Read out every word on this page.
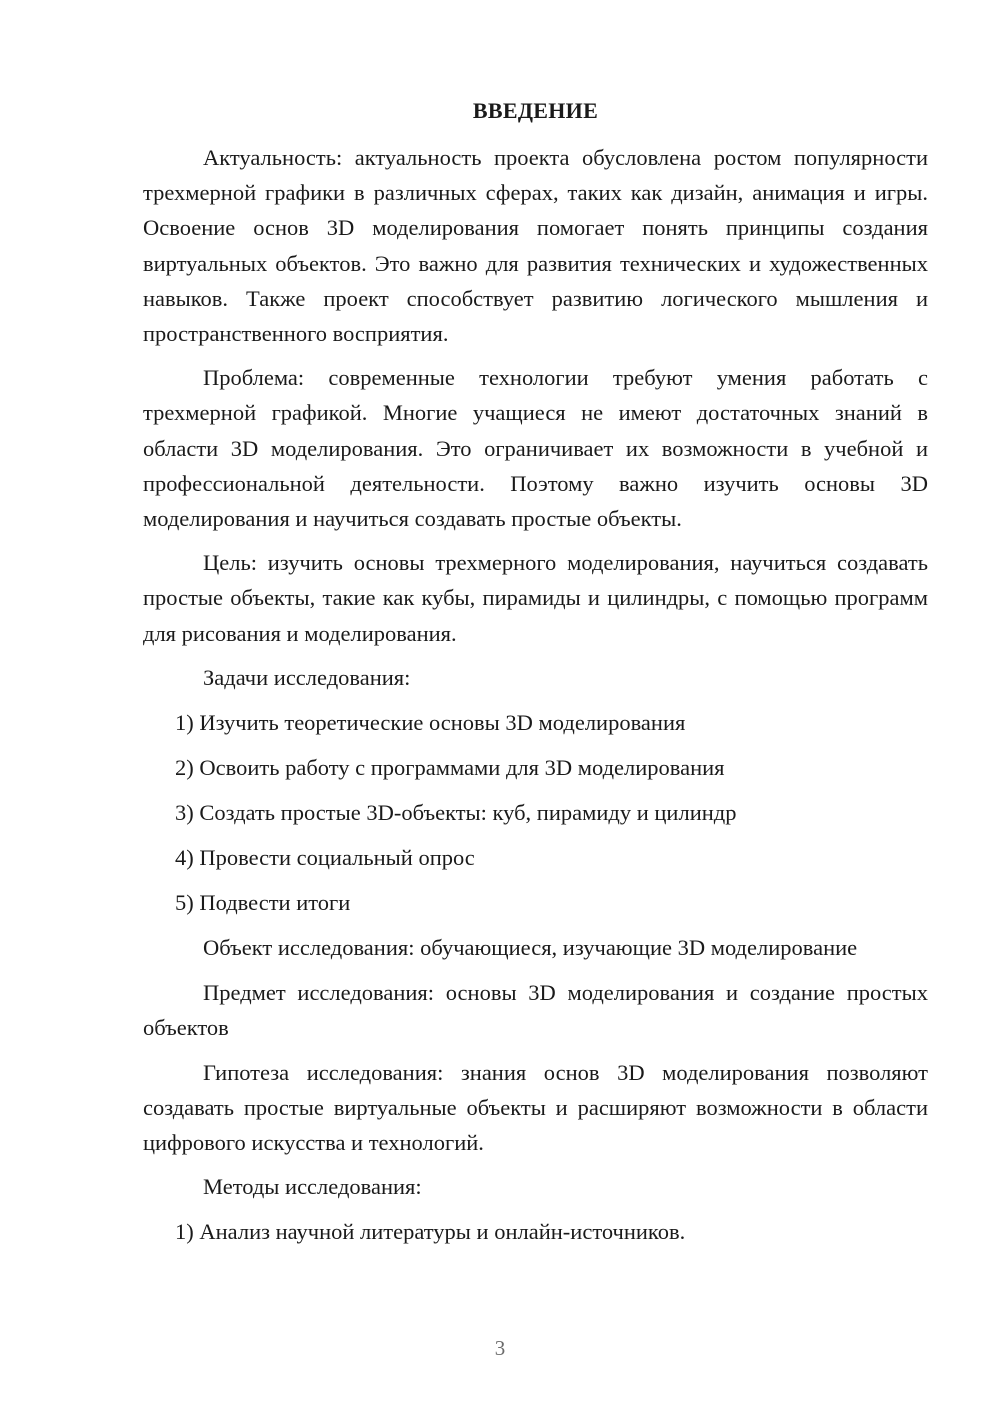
ВВЕДЕНИЕ

Актуальность: актуальность проекта обусловлена ростом популярности трехмерной графики в различных сферах, таких как дизайн, анимация и игры. Освоение основ 3D моделирования помогает понять принципы создания виртуальных объектов. Это важно для развития технических и художественных навыков. Также проект способствует развитию логического мышления и пространственного восприятия.

Проблема: современные технологии требуют умения работать с трехмерной графикой. Многие учащиеся не имеют достаточных знаний в области 3D моделирования. Это ограничивает их возможности в учебной и профессиональной деятельности. Поэтому важно изучить основы 3D моделирования и научиться создавать простые объекты.

Цель: изучить основы трехмерного моделирования, научиться создавать простые объекты, такие как кубы, пирамиды и цилиндры, с помощью программ для рисования и моделирования.

Задачи исследования:

1) Изучить теоретические основы 3D моделирования
2) Освоить работу с программами для 3D моделирования
3) Создать простые 3D-объекты: куб, пирамиду и цилиндр
4) Провести социальный опрос
5) Подвести итоги

Объект исследования: обучающиеся, изучающие 3D моделирование

Предмет исследования: основы 3D моделирования и создание простых объектов

Гипотеза исследования: знания основ 3D моделирования позволяют создавать простые виртуальные объекты и расширяют возможности в области цифрового искусства и технологий.

Методы исследования:

1) Анализ научной литературы и онлайн-источников.
3
